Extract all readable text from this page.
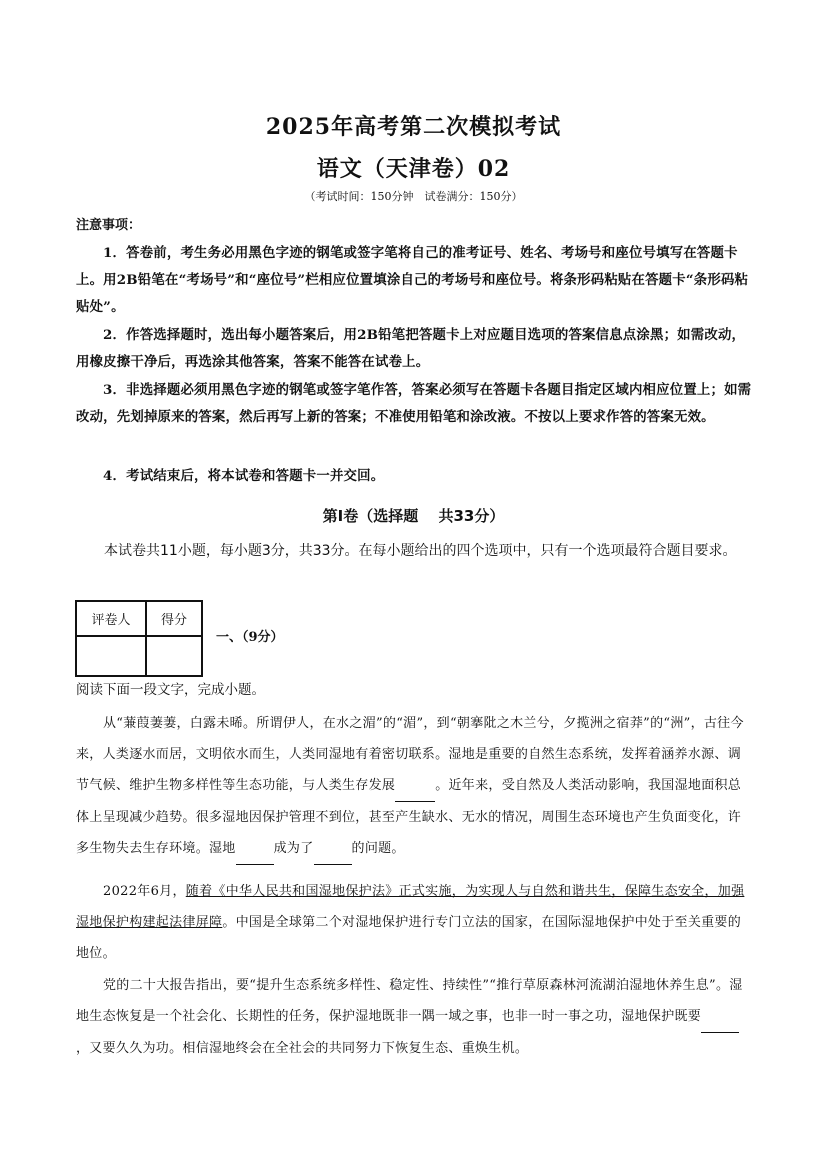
2025年高考第二次模拟考试
语文（天津卷）02
（考试时间：150分钟　试卷满分：150分）
注意事项：
1．答卷前，考生务必用黑色字迹的钢笔或签字笔将自己的准考证号、姓名、考场号和座位号填写在答题卡上。用2B铅笔在“考场号”和“座位号”栏相应位置填涂自己的考场号和座位号。将条形码粘贴在答题卡“条形码粘贴处”。
2．作答选择题时，选出每小题答案后，用2B铅笔把答题卡上对应题目选项的答案信息点涂黑；如需改动，用橡皮擦干净后，再选涂其他答案，答案不能答在试卷上。
3．非选择题必须用黑色字迹的钢笔或签字笔作答，答案必须写在答题卡各题目指定区域内相应位置上；如需改动，先划掉原来的答案，然后再写上新的答案；不准使用铅笔和涂改液。不按以上要求作答的答案无效。
4．考试结束后，将本试卷和答题卡一并交回。
第Ⅰ卷（选择题　 共33分）
本试卷共11小题，每小题3分，共33分。在每小题给出的四个选项中，只有一个选项最符合题目要求。
评卷人	得分

一、（9分）
阅读下面一段文字，完成小题。
从“蒹葭萋萋，白露未晞。所谓伊人，在水之湄”的“湄”，到“朝搴阰之木兰兮，夕揽洲之宿莽”的“洲”，古往今来，人类逐水而居，文明依水而生，人类同湿地有着密切联系。湿地是重要的自然生态系统，发挥着涵养水源、调节气候、维护生物多样性等生态功能，与人类生存发展	。近年来，受自然及人类活动影响，我国湿地面积总体上呈现减少趋势。很多湿地因保护管理不到位，甚至产生缺水、无水的情况，周围生态环境也产生负面变化，许多生物失去生存环境。湿地	成为了	的问题。
2022年6月，随着《中华人民共和国湿地保护法》正式实施，为实现人与自然和谐共生，保障生态安全，加强湿地保护构建起法律屏障。中国是全球第二个对湿地保护进行专门立法的国家，在国际湿地保护中处于至关重要的地位。
党的二十大报告指出，要“提升生态系统多样性、稳定性、持续性”“推行草原森林河流湖泊湿地休养生息”。湿地生态恢复是一个社会化、长期性的任务，保护湿地既非一隅一域之事，也非一时一事之功，湿地保护既要 ，又要久久为功。相信湿地终会在全社会的共同努力下恢复生态、重焕生机。
